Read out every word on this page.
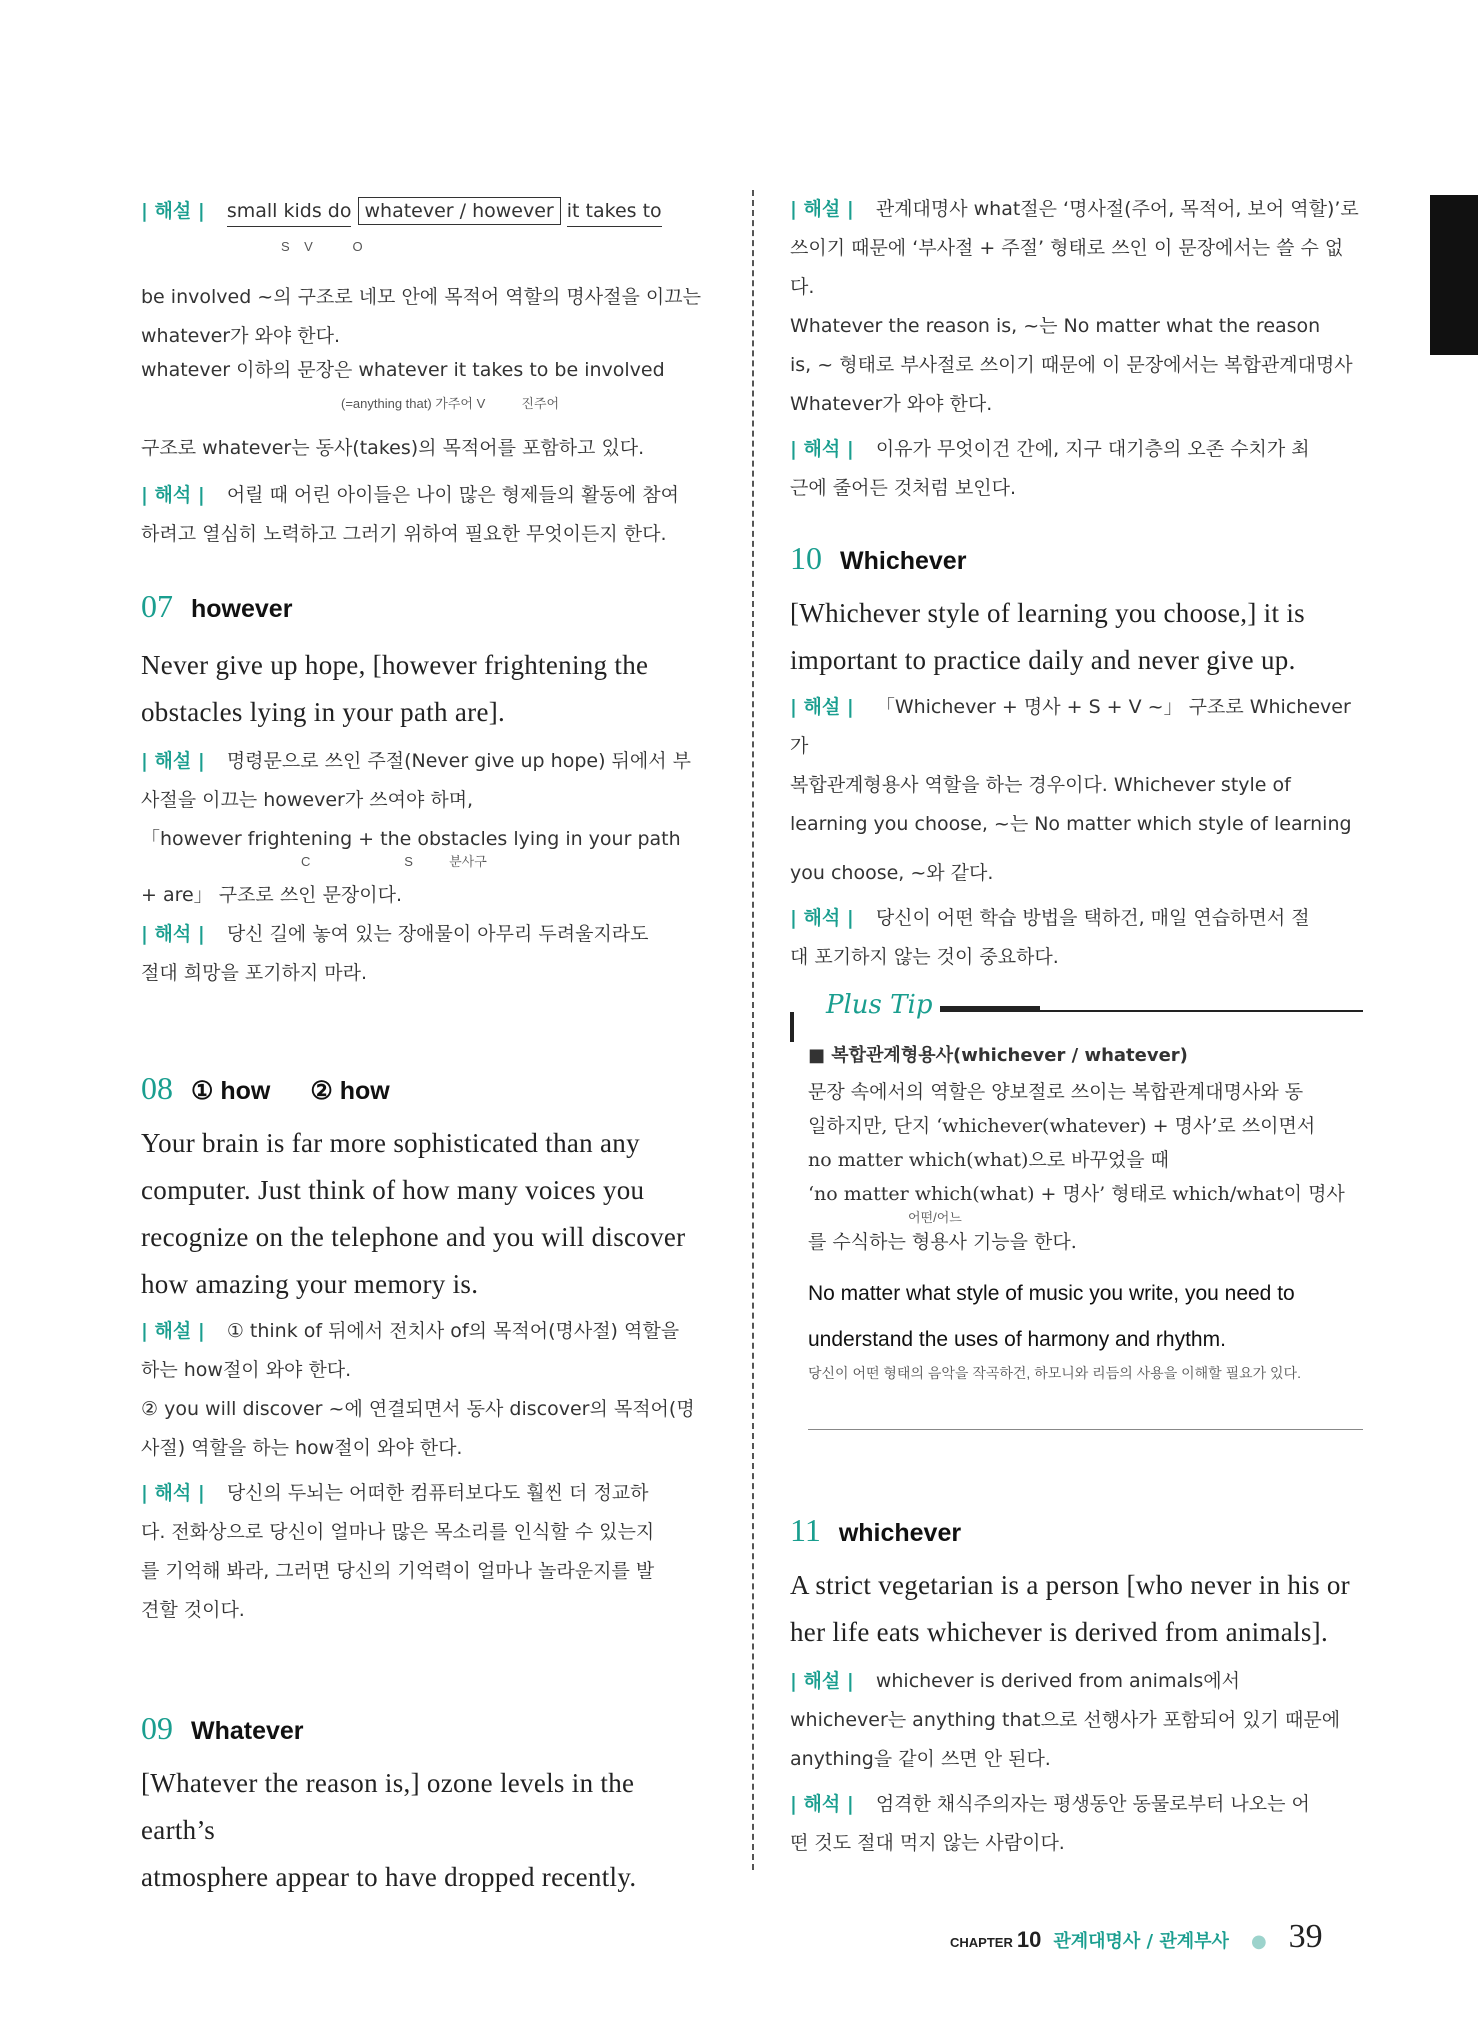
| 해설 | small kids do whatever / however it takes to
S    V           O
be involved ~의 구조로 네모 안에 목적어 역할의 명사절을 이끄는
whatever가 와야 한다.
whatever 이하의 문장은 whatever it takes to be involved
(=anything that) 가주어 V          진주어
구조로 whatever는 동사(takes)의 목적어를 포함하고 있다.
| 해석 | 어릴 때 어린 아이들은 나이 많은 형제들의 활동에 참여
하려고 열심히 노력하고 그러기 위하여 필요한 무엇이든지 한다.
07 however
Never give up hope, [however frightening the
obstacles lying in your path are].
| 해설 | 명령문으로 쓰인 주절(Never give up hope) 뒤에서 부
사절을 이끄는 however가 쓰여야 하며,
「however frightening + the obstacles lying in your path
C                          S          분사구
+ are」 구조로 쓰인 문장이다.
| 해석 | 당신 길에 놓여 있는 장애물이 아무리 두려울지라도
절대 희망을 포기하지 마라.
08 ① how ② how
Your brain is far more sophisticated than any
computer. Just think of how many voices you
recognize on the telephone and you will discover
how amazing your memory is.
| 해설 | ① think of 뒤에서 전치사 of의 목적어(명사절) 역할을
하는 how절이 와야 한다.
② you will discover ~에 연결되면서 동사 discover의 목적어(명
사절) 역할을 하는 how절이 와야 한다.
| 해석 | 당신의 두뇌는 어떠한 컴퓨터보다도 훨씬 더 정교하
다. 전화상으로 당신이 얼마나 많은 목소리를 인식할 수 있는지
를 기억해 봐라, 그러면 당신의 기억력이 얼마나 놀라운지를 발
견할 것이다.
09 Whatever
[Whatever the reason is,] ozone levels in the earth’s
atmosphere appear to have dropped recently.
| 해설 | 관계대명사 what절은 ‘명사절(주어, 목적어, 보어 역할)’로
쓰이기 때문에 ‘부사절 + 주절’ 형태로 쓰인 이 문장에서는 쓸 수 없다.
Whatever the reason is, ~는 No matter what the reason
is, ~ 형태로 부사절로 쓰이기 때문에 이 문장에서는 복합관계대명사
Whatever가 와야 한다.
| 해석 | 이유가 무엇이건 간에, 지구 대기층의 오존 수치가 최
근에 줄어든 것처럼 보인다.
10 Whichever
[Whichever style of learning you choose,] it is
important to practice daily and never give up.
| 해설 | 「Whichever + 명사 + S + V ~」 구조로 Whichever가
복합관계형용사 역할을 하는 경우이다. Whichever style of
learning you choose, ~는 No matter which style of learning
you choose, ~와 같다.
| 해석 | 당신이 어떤 학습 방법을 택하건, 매일 연습하면서 절
대 포기하지 않는 것이 중요하다.
Plus Tip
■ 복합관계형용사(whichever / whatever)
문장 속에서의 역할은 양보절로 쓰이는 복합관계대명사와 동
일하지만, 단지 ‘whichever(whatever) + 명사’로 쓰이면서
no matter which(what)으로 바꾸었을 때
‘no matter which(what) + 명사’ 형태로 which/what이 명사
어떤/어느
를 수식하는 형용사 기능을 한다.
No matter what style of music you write, you need to
understand the uses of harmony and rhythm.
당신이 어떤 형태의 음악을 작곡하건, 하모니와 리듬의 사용을 이해할 필요가 있다.
11 whichever
A strict vegetarian is a person [who never in his or
her life eats whichever is derived from animals].
| 해설 | whichever is derived from animals에서
whichever는 anything that으로 선행사가 포함되어 있기 때문에
anything을 같이 쓰면 안 된다.
| 해석 | 엄격한 채식주의자는 평생동안 동물로부터 나오는 어
떤 것도 절대 먹지 않는 사람이다.
CHAPTER 10 관계대명사 / 관계부사 ● 39
